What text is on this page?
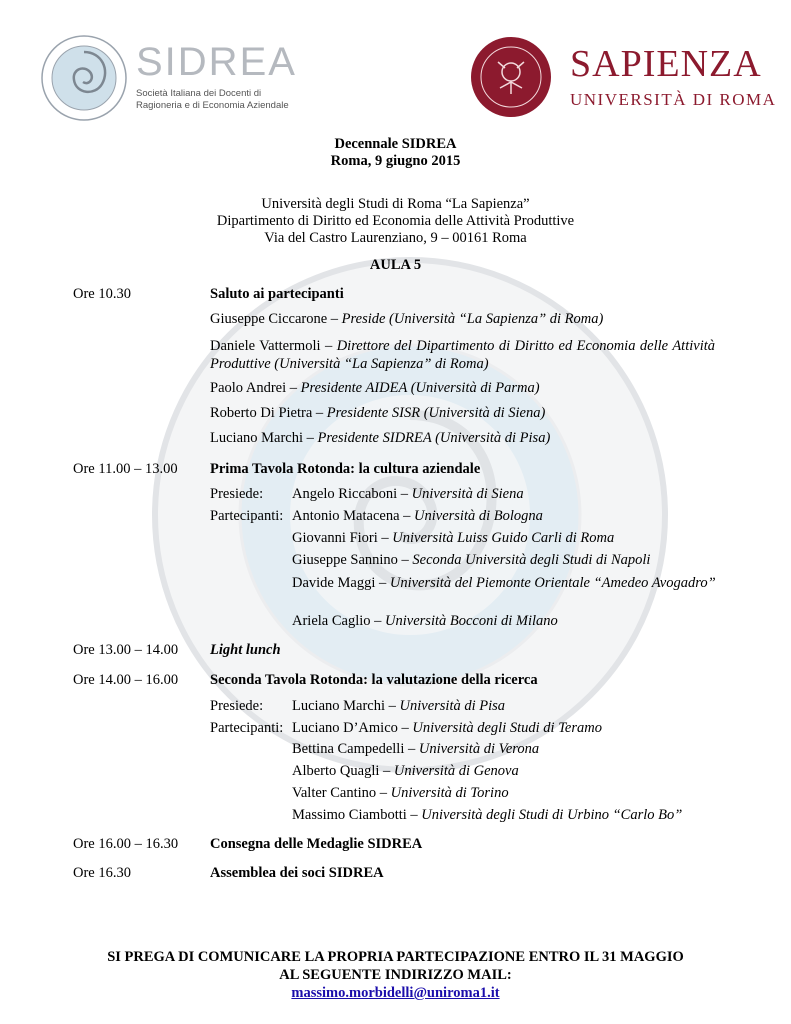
SIDREA
Società Italiana dei Docenti di
Ragioneria e di Economia Aziendale
SAPIENZA
UNIVERSITÀ DI ROMA
Decennale SIDREA
Roma, 9 giugno 2015
Università degli Studi di Roma “La Sapienza”
Dipartimento di Diritto ed Economia delle Attività Produttive
Via del Castro Laurenziano, 9 – 00161 Roma
AULA 5
Ore 10.30	Saluto ai partecipanti
Giuseppe Ciccarone – Preside (Università “La Sapienza” di Roma)
Daniele Vattermoli – Direttore del Dipartimento di Diritto ed Economia delle Attività Produttive (Università “La Sapienza” di Roma)
Paolo Andrei – Presidente AIDEA (Università di Parma)
Roberto Di Pietra – Presidente SISR (Università di Siena)
Luciano Marchi – Presidente SIDREA (Università di Pisa)
Ore 11.00 – 13.00 Prima Tavola Rotonda: la cultura aziendale
Presiede: Angelo Riccaboni – Università di Siena
Partecipanti: Antonio Matacena – Università di Bologna
Giovanni Fiori – Università Luiss Guido Carli di Roma
Giuseppe Sannino – Seconda Università degli Studi di Napoli
Davide Maggi – Università del Piemonte Orientale “Amedeo Avogadro”
Ariela Caglio – Università Bocconi di Milano
Ore 13.00 – 14.00 Light lunch
Ore 14.00 – 16.00 Seconda Tavola Rotonda: la valutazione della ricerca
Presiede: Luciano Marchi – Università di Pisa
Partecipanti: Luciano D’Amico – Università degli Studi di Teramo
Bettina Campedelli – Università di Verona
Alberto Quagli – Università di Genova
Valter Cantino – Università di Torino
Massimo Ciambotti – Università degli Studi di Urbino “Carlo Bo”
Ore 16.00 – 16.30 Consegna delle Medaglie SIDREA
Ore 16.30	Assemblea dei soci SIDREA
SI PREGA DI COMUNICARE LA PROPRIA PARTECIPAZIONE ENTRO IL 31 MAGGIO
AL SEGUENTE INDIRIZZO MAIL:
massimo.morbidelli@uniroma1.it
